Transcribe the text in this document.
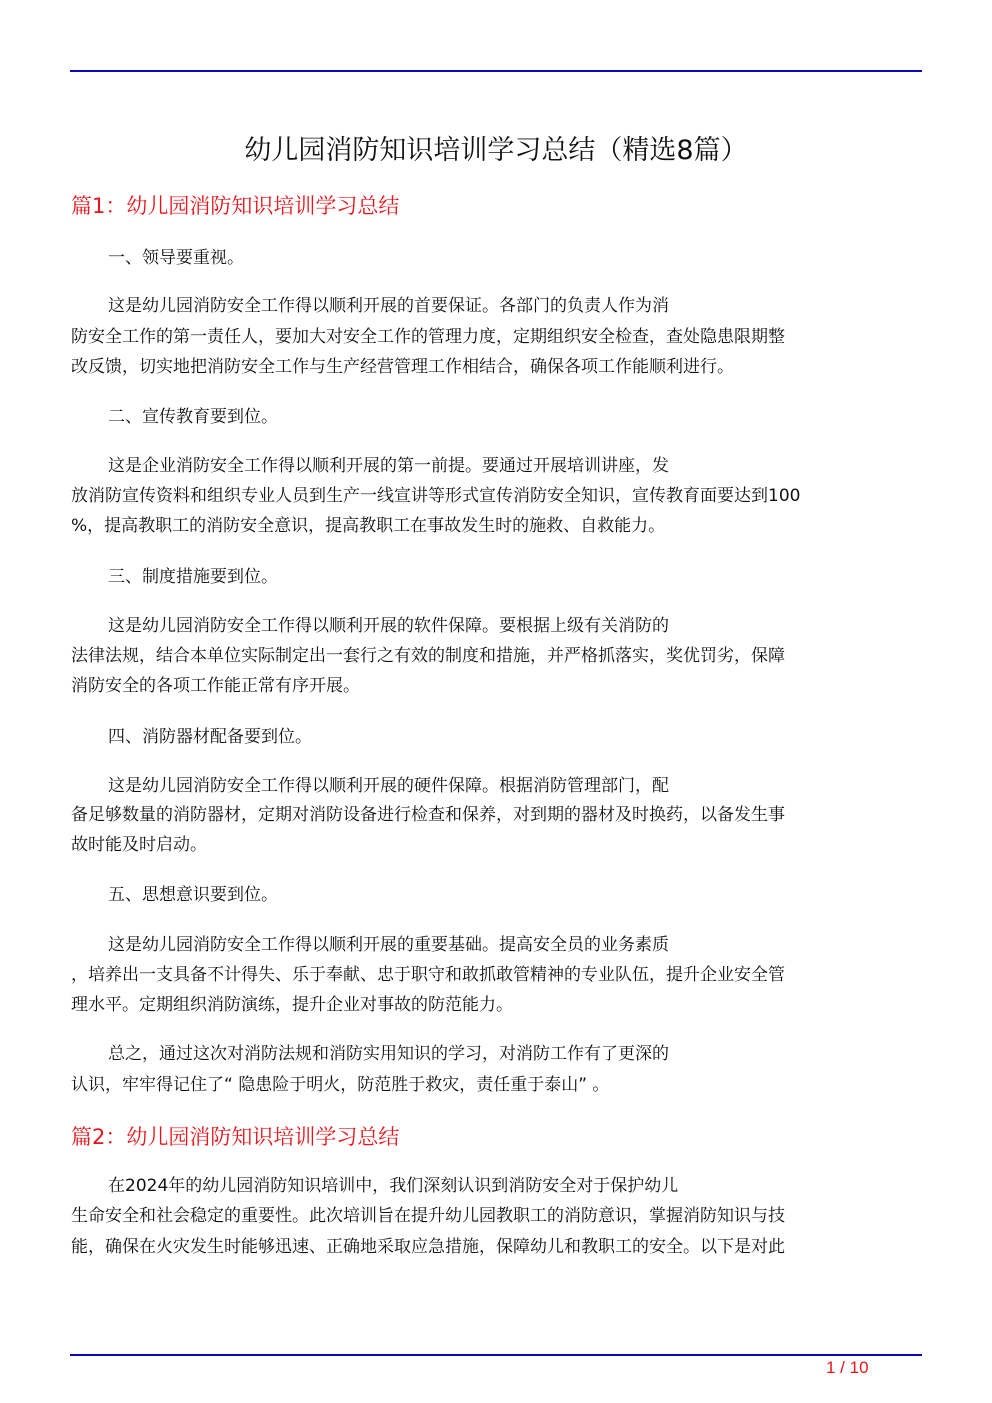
幼儿园消防知识培训学习总结（精选8篇）
篇1：幼儿园消防知识培训学习总结
一、领导要重视。
这是幼儿园消防安全工作得以顺利开展的首要保证。各部门的负责人作为消
防安全工作的第一责任人，要加大对安全工作的管理力度，定期组织安全检查，查处隐患限期整
改反馈，切实地把消防安全工作与生产经营管理工作相结合，确保各项工作能顺利进行。
二、宣传教育要到位。
这是企业消防安全工作得以顺利开展的第一前提。要通过开展培训讲座，发
放消防宣传资料和组织专业人员到生产一线宣讲等形式宣传消防安全知识，宣传教育面要达到100
%，提高教职工的消防安全意识，提高教职工在事故发生时的施救、自救能力。
三、制度措施要到位。
这是幼儿园消防安全工作得以顺利开展的软件保障。要根据上级有关消防的
法律法规，结合本单位实际制定出一套行之有效的制度和措施，并严格抓落实，奖优罚劣，保障
消防安全的各项工作能正常有序开展。
四、消防器材配备要到位。
这是幼儿园消防安全工作得以顺利开展的硬件保障。根据消防管理部门，配
备足够数量的消防器材，定期对消防设备进行检查和保养，对到期的器材及时换药，以备发生事
故时能及时启动。
五、思想意识要到位。
这是幼儿园消防安全工作得以顺利开展的重要基础。提高安全员的业务素质
，培养出一支具备不计得失、乐于奉献、忠于职守和敢抓敢管精神的专业队伍，提升企业安全管
理水平。定期组织消防演练，提升企业对事故的防范能力。
总之，通过这次对消防法规和消防实用知识的学习，对消防工作有了更深的
认识，牢牢得记住了“ 隐患险于明火，防范胜于救灾，责任重于泰山” 。
篇2：幼儿园消防知识培训学习总结
在2024年的幼儿园消防知识培训中，我们深刻认识到消防安全对于保护幼儿
生命安全和社会稳定的重要性。此次培训旨在提升幼儿园教职工的消防意识，掌握消防知识与技
能，确保在火灾发生时能够迅速、正确地采取应急措施，保障幼儿和教职工的安全。以下是对此
1 / 10
